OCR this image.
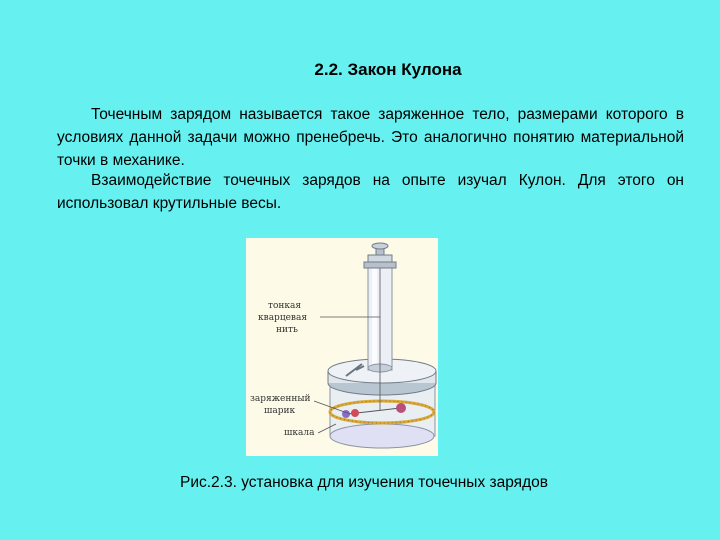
2.2. Закон Кулона

Точечным зарядом называется такое заряженное тело, размерами которого в условиях данной задачи можно пренебречь. Это аналогично понятию материальной точки в механике.

Взаимодействие точечных зарядов на опыте изучал Кулон. Для этого он использовал крутильные весы.

тонкая
кварцевая
нить
заряженный
шарик
шкала
Рис.2.3. установка для изучения точечных зарядов
